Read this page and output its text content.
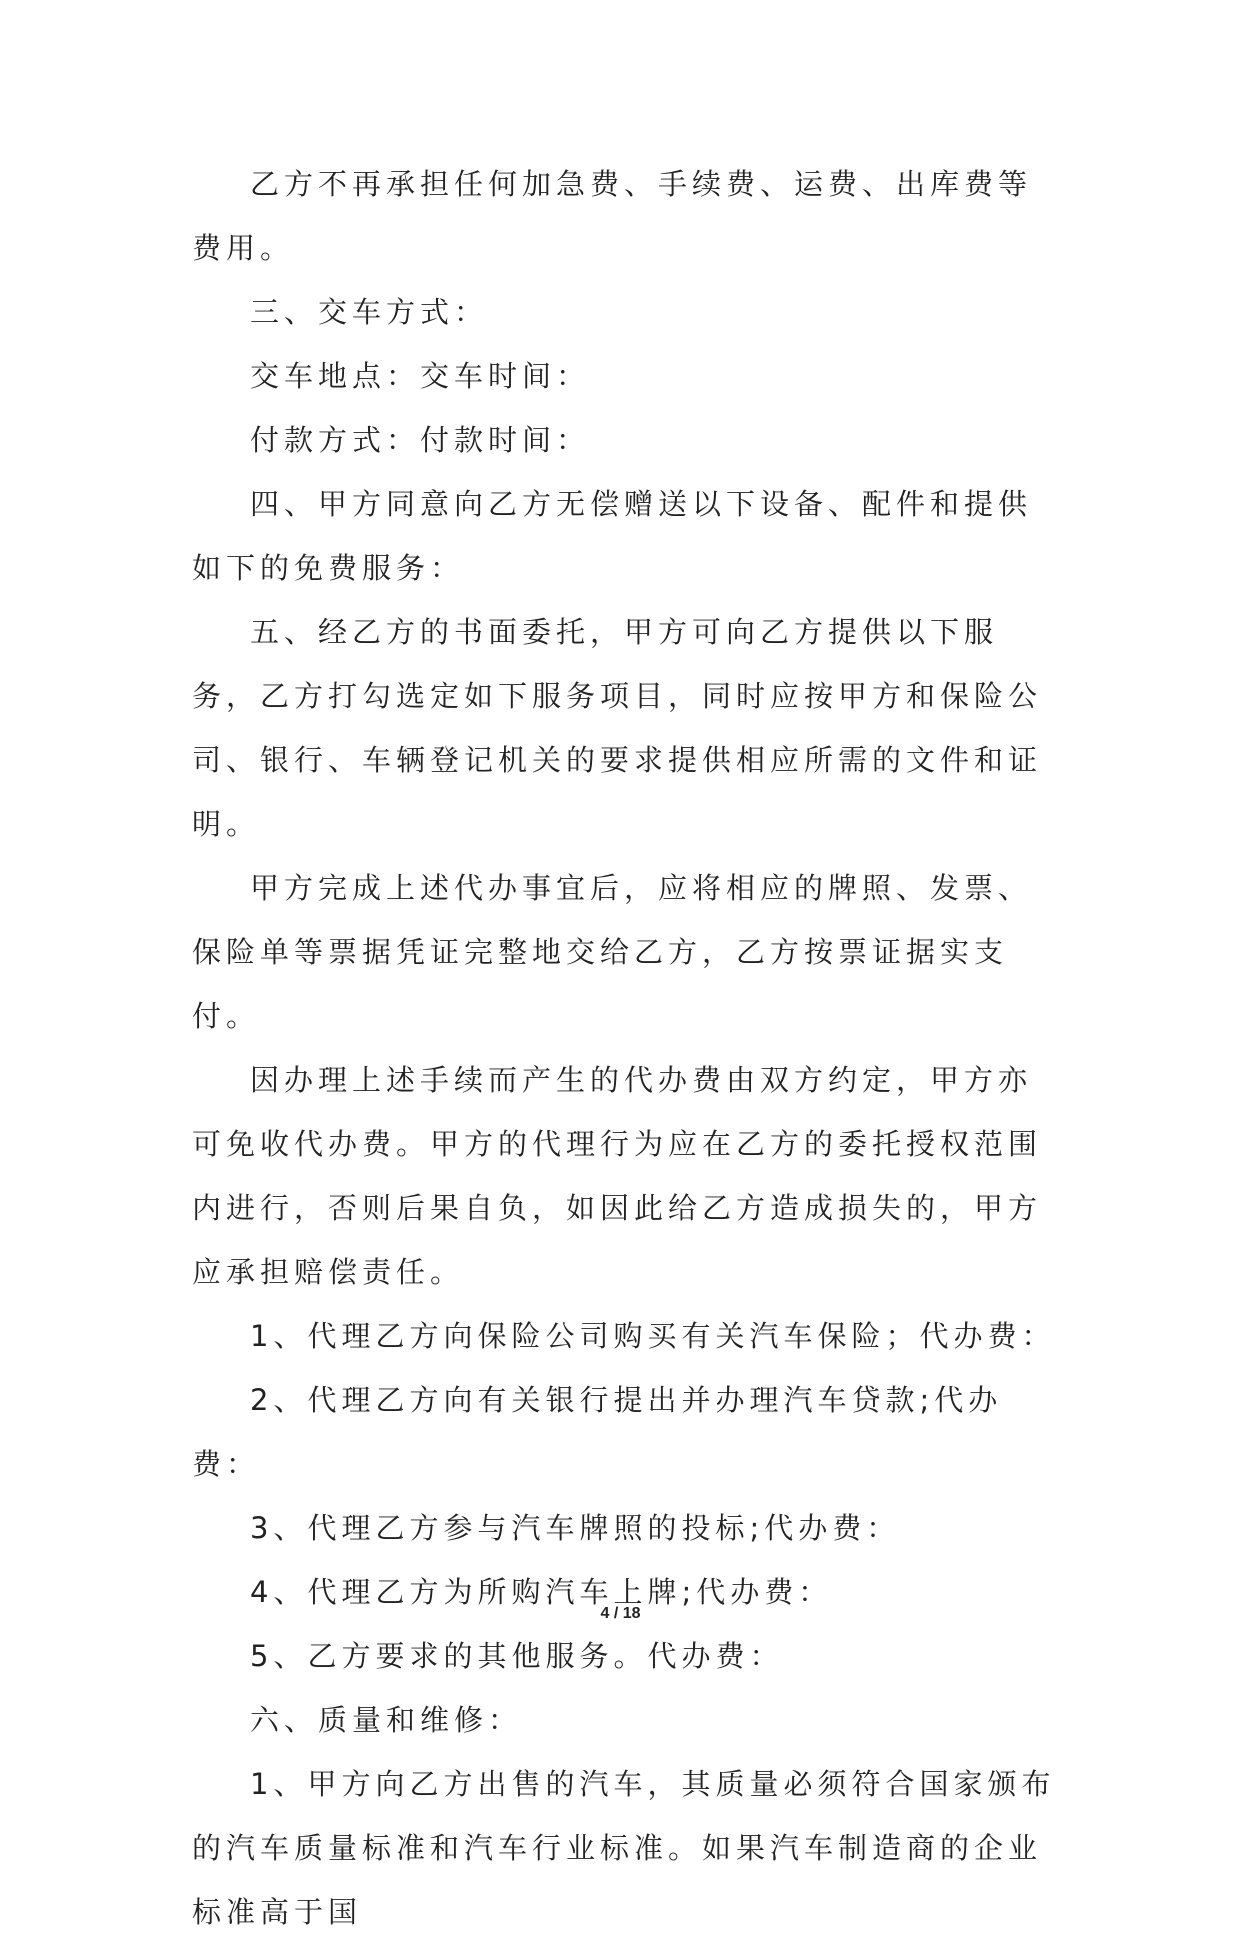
乙方不再承担任何加急费、手续费、运费、出库费等费用。

三、交车方式：

交车地点：交车时间：

付款方式：付款时间：

四、甲方同意向乙方无偿赠送以下设备、配件和提供如下的免费服务：

五、经乙方的书面委托，甲方可向乙方提供以下服务，乙方打勾选定如下服务项目，同时应按甲方和保险公司、银行、车辆登记机关的要求提供相应所需的文件和证明。

甲方完成上述代办事宜后，应将相应的牌照、发票、保险单等票据凭证完整地交给乙方，乙方按票证据实支付。

因办理上述手续而产生的代办费由双方约定，甲方亦可免收代办费。甲方的代理行为应在乙方的委托授权范围内进行，否则后果自负，如因此给乙方造成损失的，甲方应承担赔偿责任。

1、代理乙方向保险公司购买有关汽车保险；代办费：

2、代理乙方向有关银行提出并办理汽车贷款;代办费：

3、代理乙方参与汽车牌照的投标;代办费：

4、代理乙方为所购汽车上牌;代办费：

5、乙方要求的其他服务。代办费：

六、质量和维修：

1、甲方向乙方出售的汽车，其质量必须符合国家颁布的汽车质量标准和汽车行业标准。如果汽车制造商的企业标准高于国

4 / 18
